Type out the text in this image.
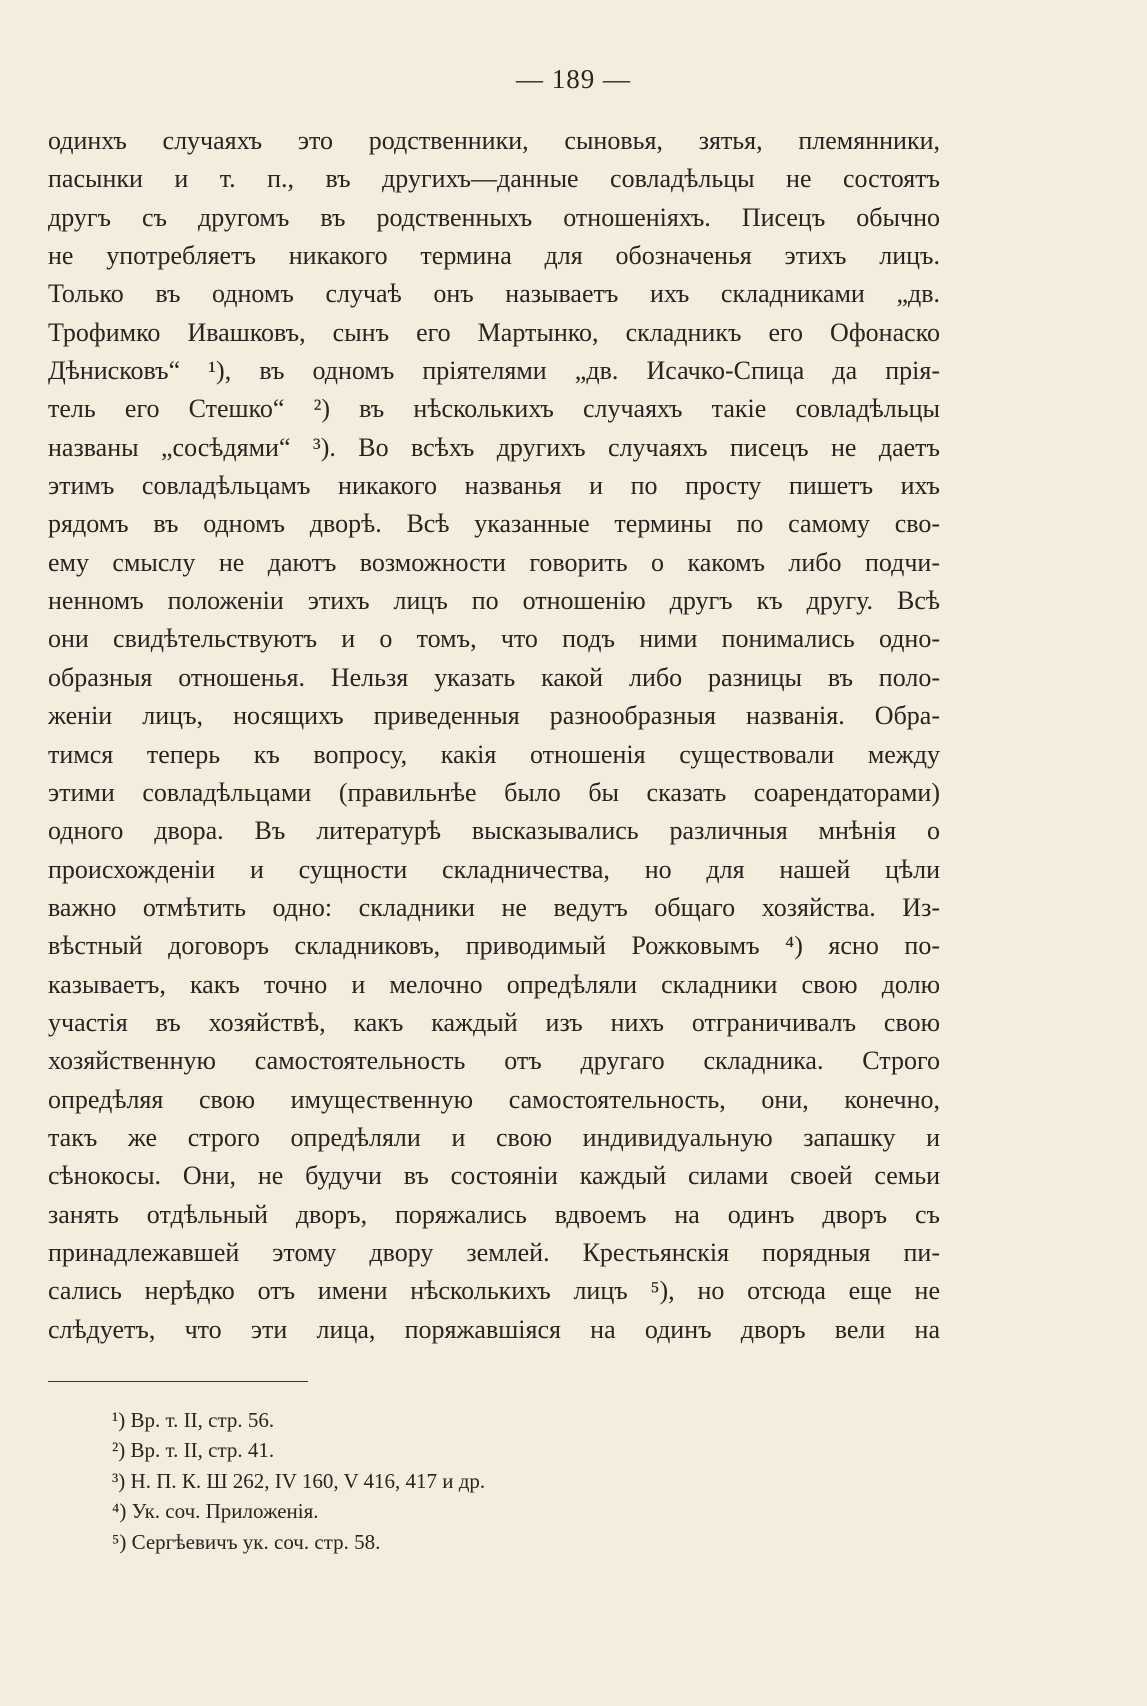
— 189 —
одинхъ случаяхъ это родственники, сыновья, зятья, племянники,
пасынки и т. п., въ другихъ—данные совладѣльцы не состоятъ
другъ съ другомъ въ родственныхъ отношеніяхъ. Писецъ обычно
не употребляетъ никакого термина для обозначенья этихъ лицъ.
Только въ одномъ случаѣ онъ называетъ ихъ складниками „дв.
Трофимко Ивашковъ, сынъ его Мартынко, складникъ его Офонаско
Дѣнисковъ“ ¹), въ одномъ пріятелями „дв. Исачко-Спица да прія-
тель его Стешко“ ²) въ нѣсколькихъ случаяхъ такіе совладѣльцы
названы „сосѣдями“ ³). Во всѣхъ другихъ случаяхъ писецъ не даетъ
этимъ совладѣльцамъ никакого названья и по просту пишетъ ихъ
рядомъ въ одномъ дворѣ. Всѣ указанные термины по самому сво-
ему смыслу не даютъ возможности говорить о какомъ либо подчи-
ненномъ положеніи этихъ лицъ по отношенію другъ къ другу. Всѣ
они свидѣтельствуютъ и о томъ, что подъ ними понимались одно-
образныя отношенья. Нельзя указать какой либо разницы въ поло-
женіи лицъ, носящихъ приведенныя разнообразныя названія. Обра-
тимся теперь къ вопросу, какія отношенія существовали между
этими совладѣльцами (правильнѣе было бы сказать соарендаторами)
одного двора. Въ литературѣ высказывались различныя мнѣнія о
происхожденіи и сущности складничества, но для нашей цѣли
важно отмѣтить одно: складники не ведутъ общаго хозяйства. Из-
вѣстный договоръ складниковъ, приводимый Рожковымъ ⁴) ясно по-
казываетъ, какъ точно и мелочно опредѣляли складники свою долю
участія въ хозяйствѣ, какъ каждый изъ нихъ отграничивалъ свою
хозяйственную самостоятельность отъ другаго складника. Строго
опредѣляя свою имущественную самостоятельность, они, конечно,
такъ же строго опредѣляли и свою индивидуальную запашку и
сѣнокосы. Они, не будучи въ состояніи каждый силами своей семьи
занять отдѣльный дворъ, поряжались вдвоемъ на одинъ дворъ съ
принадлежавшей этому двору землей. Крестьянскія порядныя пи-
сались нерѣдко отъ имени нѣсколькихъ лицъ ⁵), но отсюда еще не
слѣдуетъ, что эти лица, поряжавшіяся на одинъ дворъ вели на
¹) Вр. т. II, стр. 56.
²) Вр. т. II, стр. 41.
³) Н. П. К. Ш 262, IV 160, V 416, 417 и др.
⁴) Ук. соч. Приложенія.
⁵) Сергѣевичъ ук. соч. стр. 58.
